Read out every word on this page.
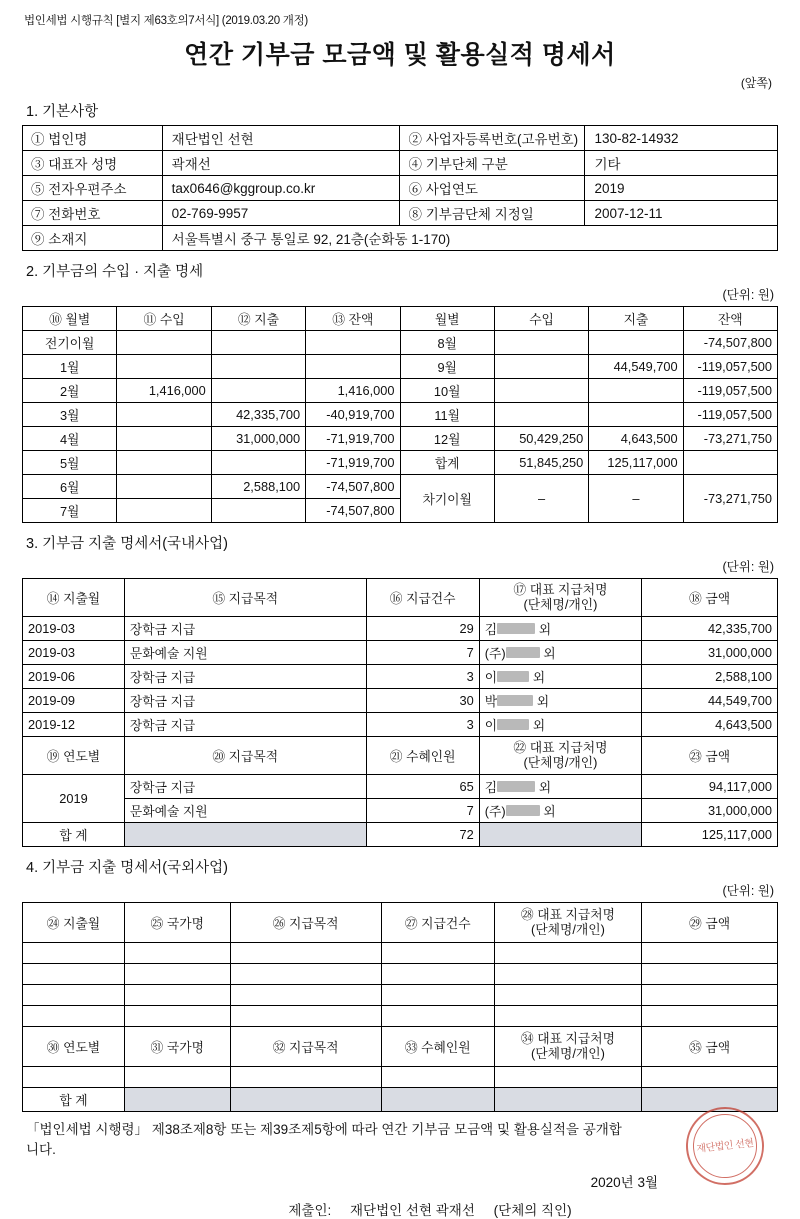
법인세법 시행규칙 [별지 제63호의7서식] (2019.03.20 개정)
연간 기부금 모금액 및 활용실적 명세서
(앞쪽)
1. 기본사항
① 법인명	재단법인 선현	② 사업자등록번호(고유번호)	130-82-14932
③ 대표자 성명	곽재선	④ 기부단체 구분	기타
⑤ 전자우편주소	tax0646@kggroup.co.kr	⑥ 사업연도	2019
⑦ 전화번호	02-769-9957	⑧ 기부금단체 지정일	2007-12-11
⑨ 소재지	서울특별시 중구 통일로 92, 21층(순화동 1-170)		
2. 기부금의 수입 · 지출 명세
(단위: 원)
⑩ 월별	⑪ 수입	⑫ 지출	⑬ 잔액	월별	수입	지출	잔액
전기이월				8월			-74,507,800
1월				9월		44,549,700	-119,057,500
2월	1,416,000		1,416,000	10월			-119,057,500
3월		42,335,700	-40,919,700	11월			-119,057,500
4월		31,000,000	-71,919,700	12월	50,429,250	4,643,500	-73,271,750
5월			-71,919,700	합계	51,845,250	125,117,000	
6월		2,588,100	-74,507,800	차기이월	–	–	-73,271,750
7월			-74,507,800				
3. 기부금 지출 명세서(국내사업)
(단위: 원)
⑭ 지출월	⑮ 지급목적	⑯ 지급건수	⑰ 대표 지급처명
(단체명/개인)	⑱ 금액
2019-03	장학금 지급	29	김 외	42,335,700
2019-03	문화예술 지원	7	(주) 외	31,000,000
2019-06	장학금 지급	3	이 외	2,588,100
2019-09	장학금 지급	30	박 외	44,549,700
2019-12	장학금 지급	3	이 외	4,643,500
⑲ 연도별	⑳ 지급목적	㉑ 수혜인원	㉒ 대표 지급처명
(단체명/개인)	㉓ 금액
2019	장학금 지급	65	김 외	94,117,000
	문화예술 지원	7	(주) 외	31,000,000
합 계		72		125,117,000
4. 기부금 지출 명세서(국외사업)
(단위: 원)
㉔ 지출월	㉕ 국가명	㉖ 지급목적	㉗ 지급건수	㉘ 대표 지급처명
(단체명/개인)	㉙ 금액

㉚ 연도별	㉛ 국가명	㉜ 지급목적	㉝ 수혜인원	㉞ 대표 지급처명
(단체명/개인)	㉟ 금액

합 계					
「법인세법 시행령」 제38조제8항 또는 제39조제5항에 따라 연간 기부금 모금액 및 활용실적을 공개합
니다.
2020년 3월
제출인: 재단법인 선현 곽재선 (단체의 직인)
재단법인 선현
